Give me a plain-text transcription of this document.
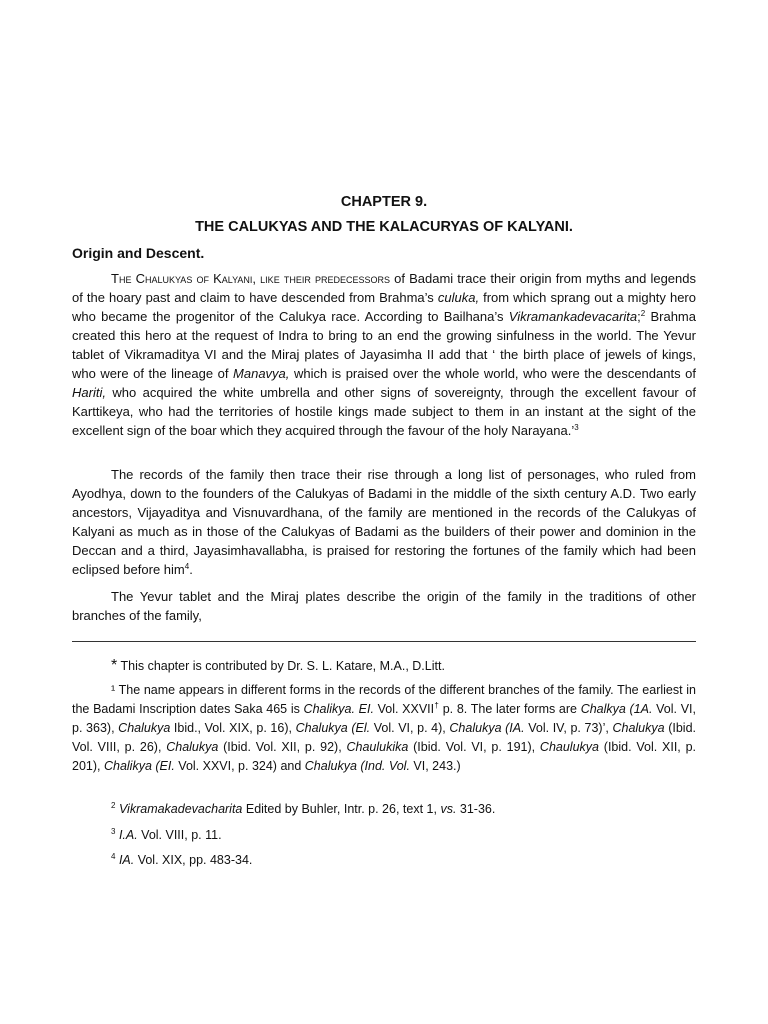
CHAPTER 9.
THE CALUKYAS AND THE KALACURYAS OF KALYANI.
Origin and Descent.

The Chalukyas of Kalyani, like their predecessors of Badami trace their origin from myths and legends of the hoary past and claim to have descended from Brahma’s culuka, from which sprang out a mighty hero who became the progenitor of the Calukya race. According to Bailhana’s Vikramankadevacarita;$^2$ Brahma created this hero at the request of Indra to bring to an end the growing sinfulness in the world. The Yevur tablet of Vikramaditya VI and the Miraj plates of Jayasimha II add that ‘ the birth place of jewels of kings, who were of the lineage of Manavya, which is praised over the whole world, who were the descendants of Hariti, who acquired the white umbrella and other signs of sovereignty, through the excellent favour of Karttikeya, who had the territories of hostile kings made subject to them in an instant at the sight of the excellent sign of the boar which they acquired through the favour of the holy Narayana.’$^3$

The records of the family then trace their rise through a long list of personages, who ruled from Ayodhya, down to the founders of the Calukyas of Badami in the middle of the sixth century A.D. Two early ancestors, Vijayaditya and Visnuvardhana, of the family are mentioned in the records of the Calukyas of Kalyani as much as in those of the Calukyas of Badami as the builders of their power and dominion in the Deccan and a third, Jayasimhavallabha, is praised for restoring the fortunes of the family which had been eclipsed before him$^4$.

The Yevur tablet and the Miraj plates describe the origin of the family in the traditions of other branches of the family,

* This chapter is contributed by Dr. S. L. Katare, M.A., D.Litt.

¹ The name appears in different forms in the records of the different branches of the family. The earliest in the Badami Inscription dates Saka 465 is Chalikya. EI. Vol. XXVII† p. 8. The later forms are Chalkya (1A. Vol. VI, p. 363), Chalukya Ibid., Vol. XIX, p. 16), Chalukya (El. Vol. VI, p. 4), Chalukya (IA. Vol. IV, p. 73)’, Chalukya (Ibid. Vol. VIII, p. 26), Chalukya (Ibid. Vol. XII, p. 92), Chaulukika (Ibid. Vol. VI, p. 191), Chaulukya (Ibid. Vol. XII, p. 201), Chalikya (EI. Vol. XXVI, p. 324) and Chalukya (Ind. Vol. VI, 243.)

$^2$ Vikramakadevacharita Edited by Buhler, Intr. p. 26, text 1, vs. 31-36.

$^3$ I.A. Vol. VIII, p. 11.

$^4$ IA. Vol. XIX, pp. 483-34.
